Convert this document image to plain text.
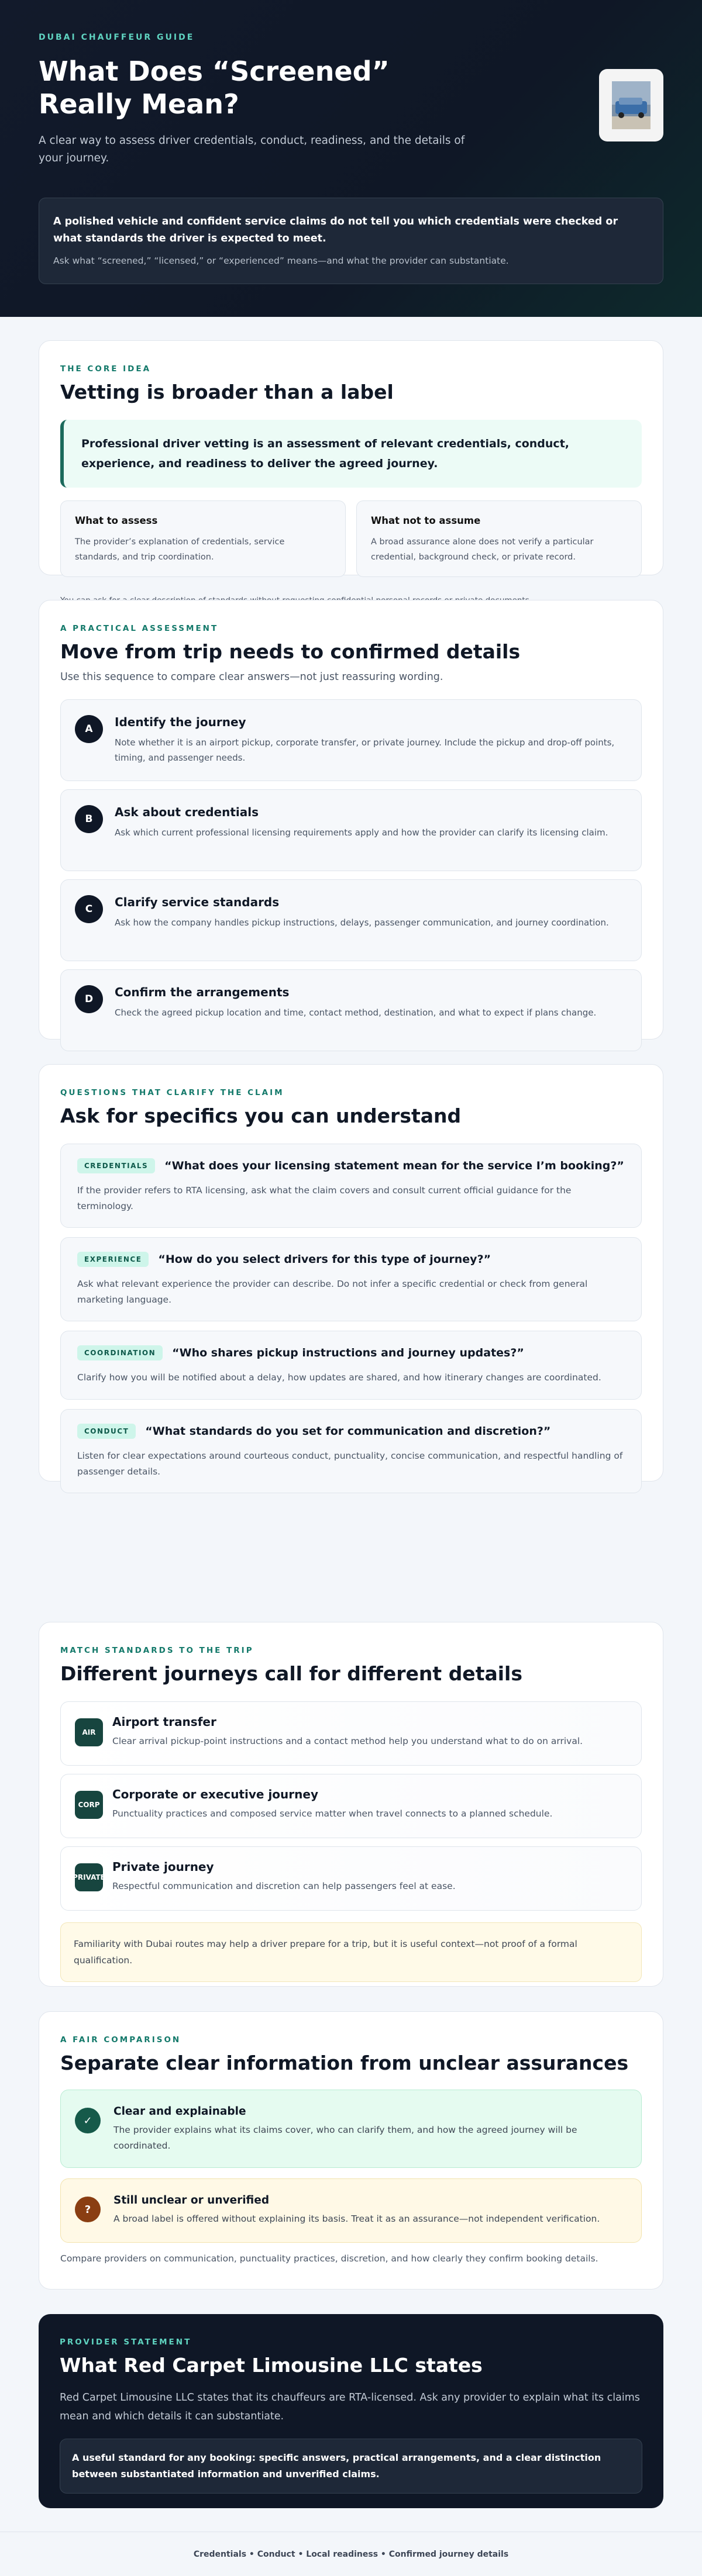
DUBAI CHAUFFEUR GUIDE
What Does “Screened” Really Mean?

A clear way to assess driver credentials, conduct, readiness, and the details of your journey.

A polished vehicle and confident service claims do not tell you which credentials were checked or what standards the driver is expected to meet.
Ask what “screened,” “licensed,” or “experienced” means—and what the provider can substantiate.
THE CORE IDEA
Vetting is broader than a label
Professional driver vetting is an assessment of relevant credentials, conduct, experience, and readiness to deliver the agreed journey.
What to assess

The provider’s explanation of credentials, service standards, and trip coordination.

What not to assume

A broad assurance alone does not verify a particular credential, background check, or private record.

A PRACTICAL ASSESSMENT
Move from trip needs to confirmed details

Use this sequence to compare clear answers—not just reassuring wording.

A	Identify the journey

Note whether it is an airport pickup, corporate transfer, or private journey. Include the pickup and drop-off points, timing, and passenger needs.

B	Ask about credentials

Ask which current professional licensing requirements apply and how the provider can clarify its licensing claim.

C	Clarify service standards

Ask how the company handles pickup instructions, delays, passenger communication, and journey coordination.

D	Confirm the arrangements

Check the agreed pickup location and time, contact method, destination, and what to expect if plans change.

QUESTIONS THAT CLARIFY THE CLAIM
Ask for specifics you can understand
CREDENTIALS	“What does your licensing statement mean for the service I’m booking?”

If the provider refers to RTA licensing, ask what the claim covers and consult current official guidance for the terminology.

EXPERIENCE	“How do you select drivers for this type of journey?”

Ask what relevant experience the provider can describe. Do not infer a specific credential or check from general marketing language.

COORDINATION	“Who shares pickup instructions and journey updates?”

Clarify how you will be notified about a delay, how updates are shared, and how itinerary changes are coordinated.

CONDUCT	“What standards do you set for communication and discretion?”

Listen for clear expectations around courteous conduct, punctuality, concise communication, and respectful handling of passenger details.

MATCH STANDARDS TO THE TRIP
Different journeys call for different details
AIR
Airport transfer

Clear arrival pickup-point instructions and a contact method help you understand what to do on arrival.

CORP
Corporate or executive journey

Punctuality practices and composed service matter when travel connects to a planned schedule.

PRIVATE
Private journey

Respectful communication and discretion can help passengers feel at ease.

Familiarity with Dubai routes may help a driver prepare for a trip, but it is useful context—not proof of a formal qualification.
A FAIR COMPARISON
Separate clear information from unclear assurances
✓
Clear and explainable

The provider explains what its claims cover, who can clarify them, and how the agreed journey will be coordinated.

?
Still unclear or unverified

A broad label is offered without explaining its basis. Treat it as an assurance—not independent verification.

Compare providers on communication, punctuality practices, discretion, and how clearly they confirm booking details.

PROVIDER STATEMENT
What Red Carpet Limousine LLC states

Red Carpet Limousine LLC states that its chauffeurs are RTA-licensed. Ask any provider to explain what its claims mean and which details it can substantiate.

A useful standard for any booking: specific answers, practical arrangements, and a clear distinction between substantiated information and unverified claims.
Credentials • Conduct • Local readiness • Confirmed journey details
